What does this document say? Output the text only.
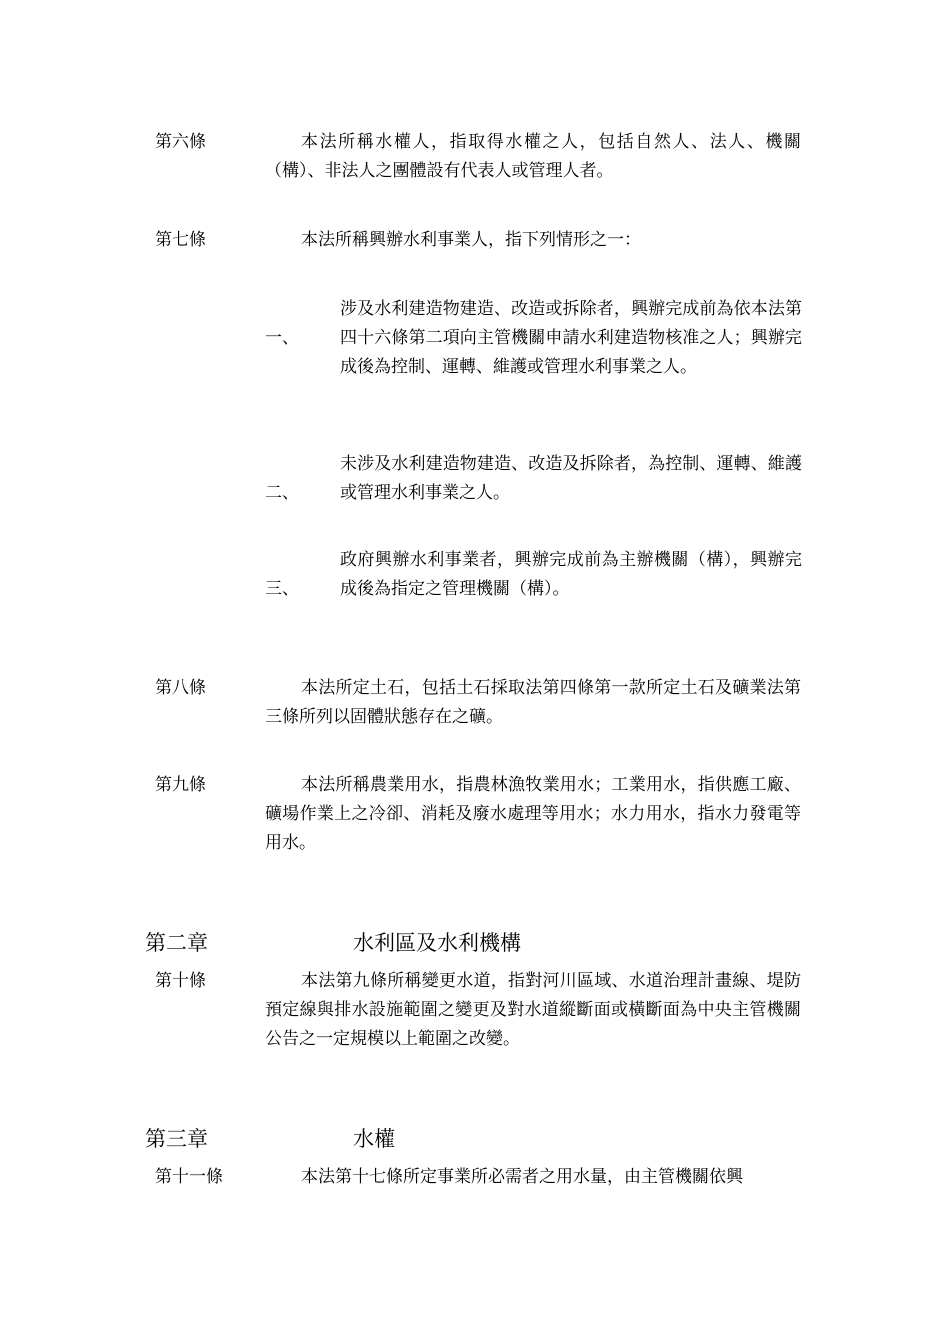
第六條	本法所稱水權人，指取得水權之人，包括自然人、法人、機關（構）、非法人之團體設有代表人或管理人者。
第七條	本法所稱興辦水利事業人，指下列情形之一：
一、
涉及水利建造物建造、改造或拆除者，興辦完成前為依本法第四十六條第二項向主管機關申請水利建造物核准之人；興辦完成後為控制、運轉、維護或管理水利事業之人。
二、
未涉及水利建造物建造、改造及拆除者，為控制、運轉、維護或管理水利事業之人。
三、
政府興辦水利事業者，興辦完成前為主辦機關（構），興辦完成後為指定之管理機關（構）。
第八條	本法所定土石，包括土石採取法第四條第一款所定土石及礦業法第三條所列以固體狀態存在之礦。
第九條	本法所稱農業用水，指農林漁牧業用水；工業用水，指供應工廠、礦場作業上之冷卻、消耗及廢水處理等用水；水力用水，指水力發電等用水。
第二章	水利區及水利機構
第十條	本法第九條所稱變更水道，指對河川區域、水道治理計畫線、堤防預定線與排水設施範圍之變更及對水道縱斷面或橫斷面為中央主管機關公告之一定規模以上範圍之改變。
第三章	水權
第十一條	本法第十七條所定事業所必需者之用水量，由主管機關依興
